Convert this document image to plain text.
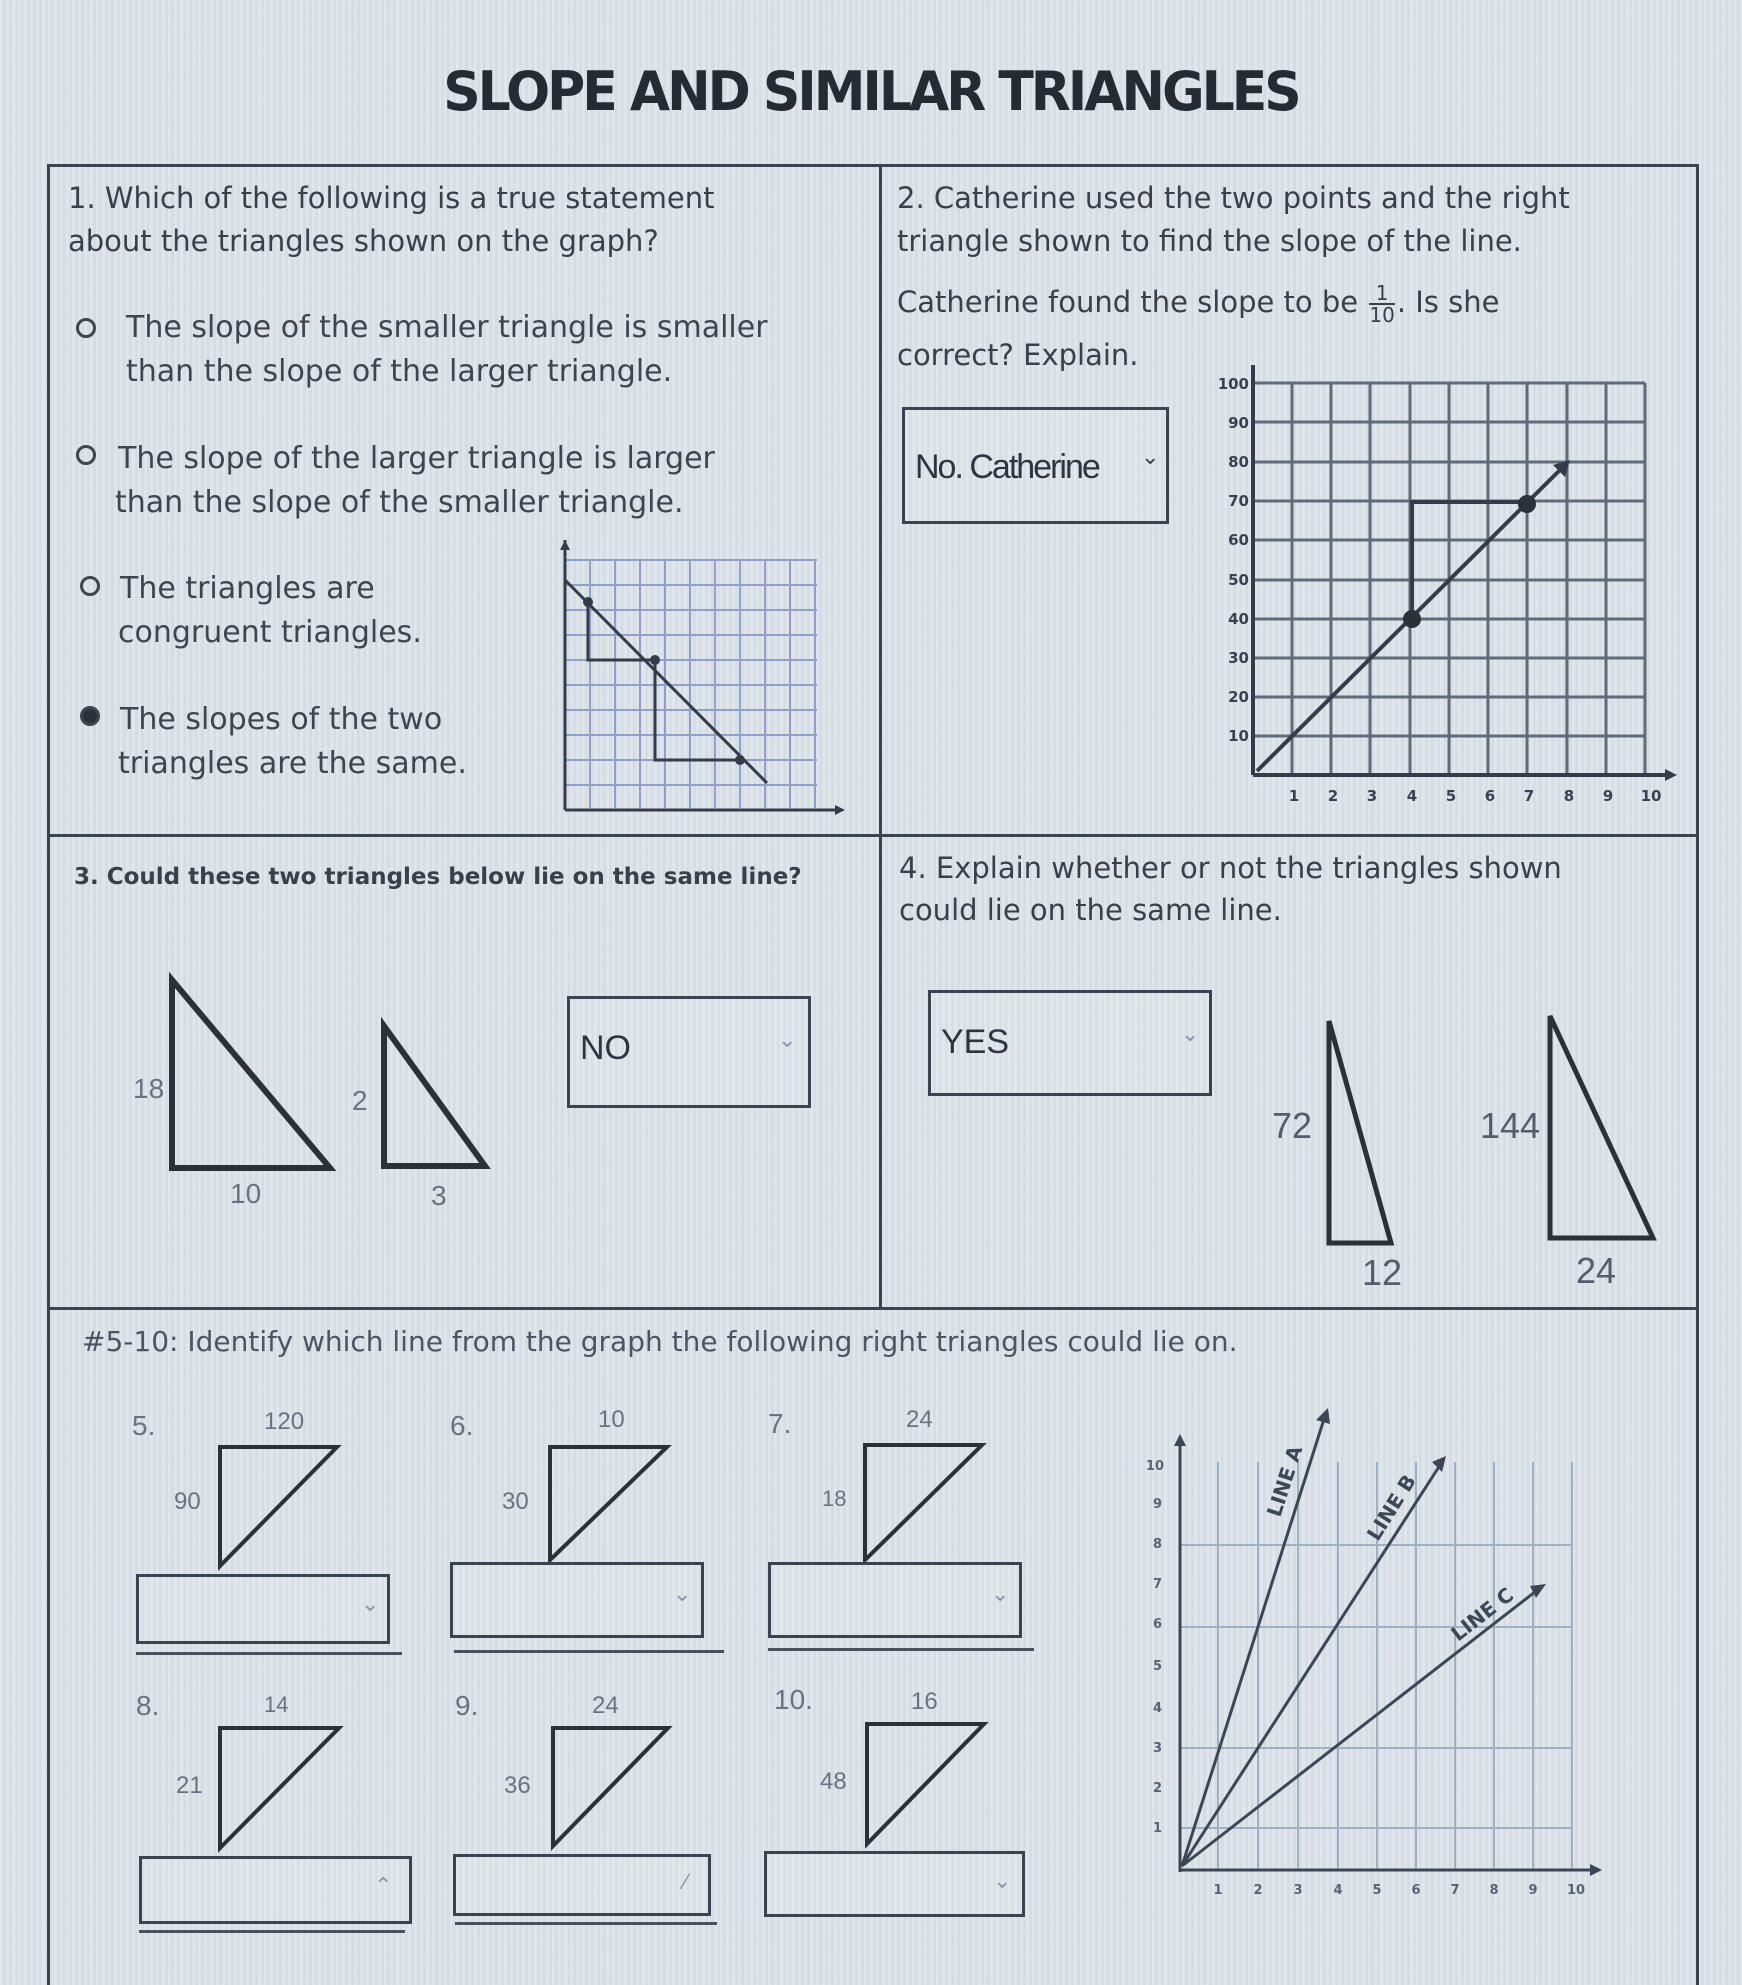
SLOPE AND SIMILAR TRIANGLES
1. Which of the following is a true statement
about the triangles shown on the graph?
The slope of the smaller triangle is smaller
than the slope of the larger triangle.
The slope of the larger triangle is larger
than the slope of the smaller triangle.
The triangles are
congruent triangles.
The slopes of the two
triangles are the same.
2. Catherine used the two points and the right
triangle shown to find the slope of the line.
Catherine found the slope to be $\frac{1}{10}$ . Is she
correct? Explain.
No. Catherine ⌄
100
90
80
70
60
50
40
30
20
10
1 2 3 4 5 6 7 8 9 10
3. Could these two triangles below lie on the same line?
18
10
2
3
NO	⌄
4. Explain whether or not the triangles shown
could lie on the same line.
YES	⌄
72
12
144
24
#5-10: Identify which line from the graph the following right triangles could lie on.
5.	120
90
⌄
6.	10
30
⌄
7.	24
18
⌄
8.	14
21
⌃
9.	24
36
⁄
10.	16
48
⌄
LINE A	LINE B
LINE C
10
9
8
7
6
5
4
3
2
1
1 2 3 4 5 6 7 8 9 10
